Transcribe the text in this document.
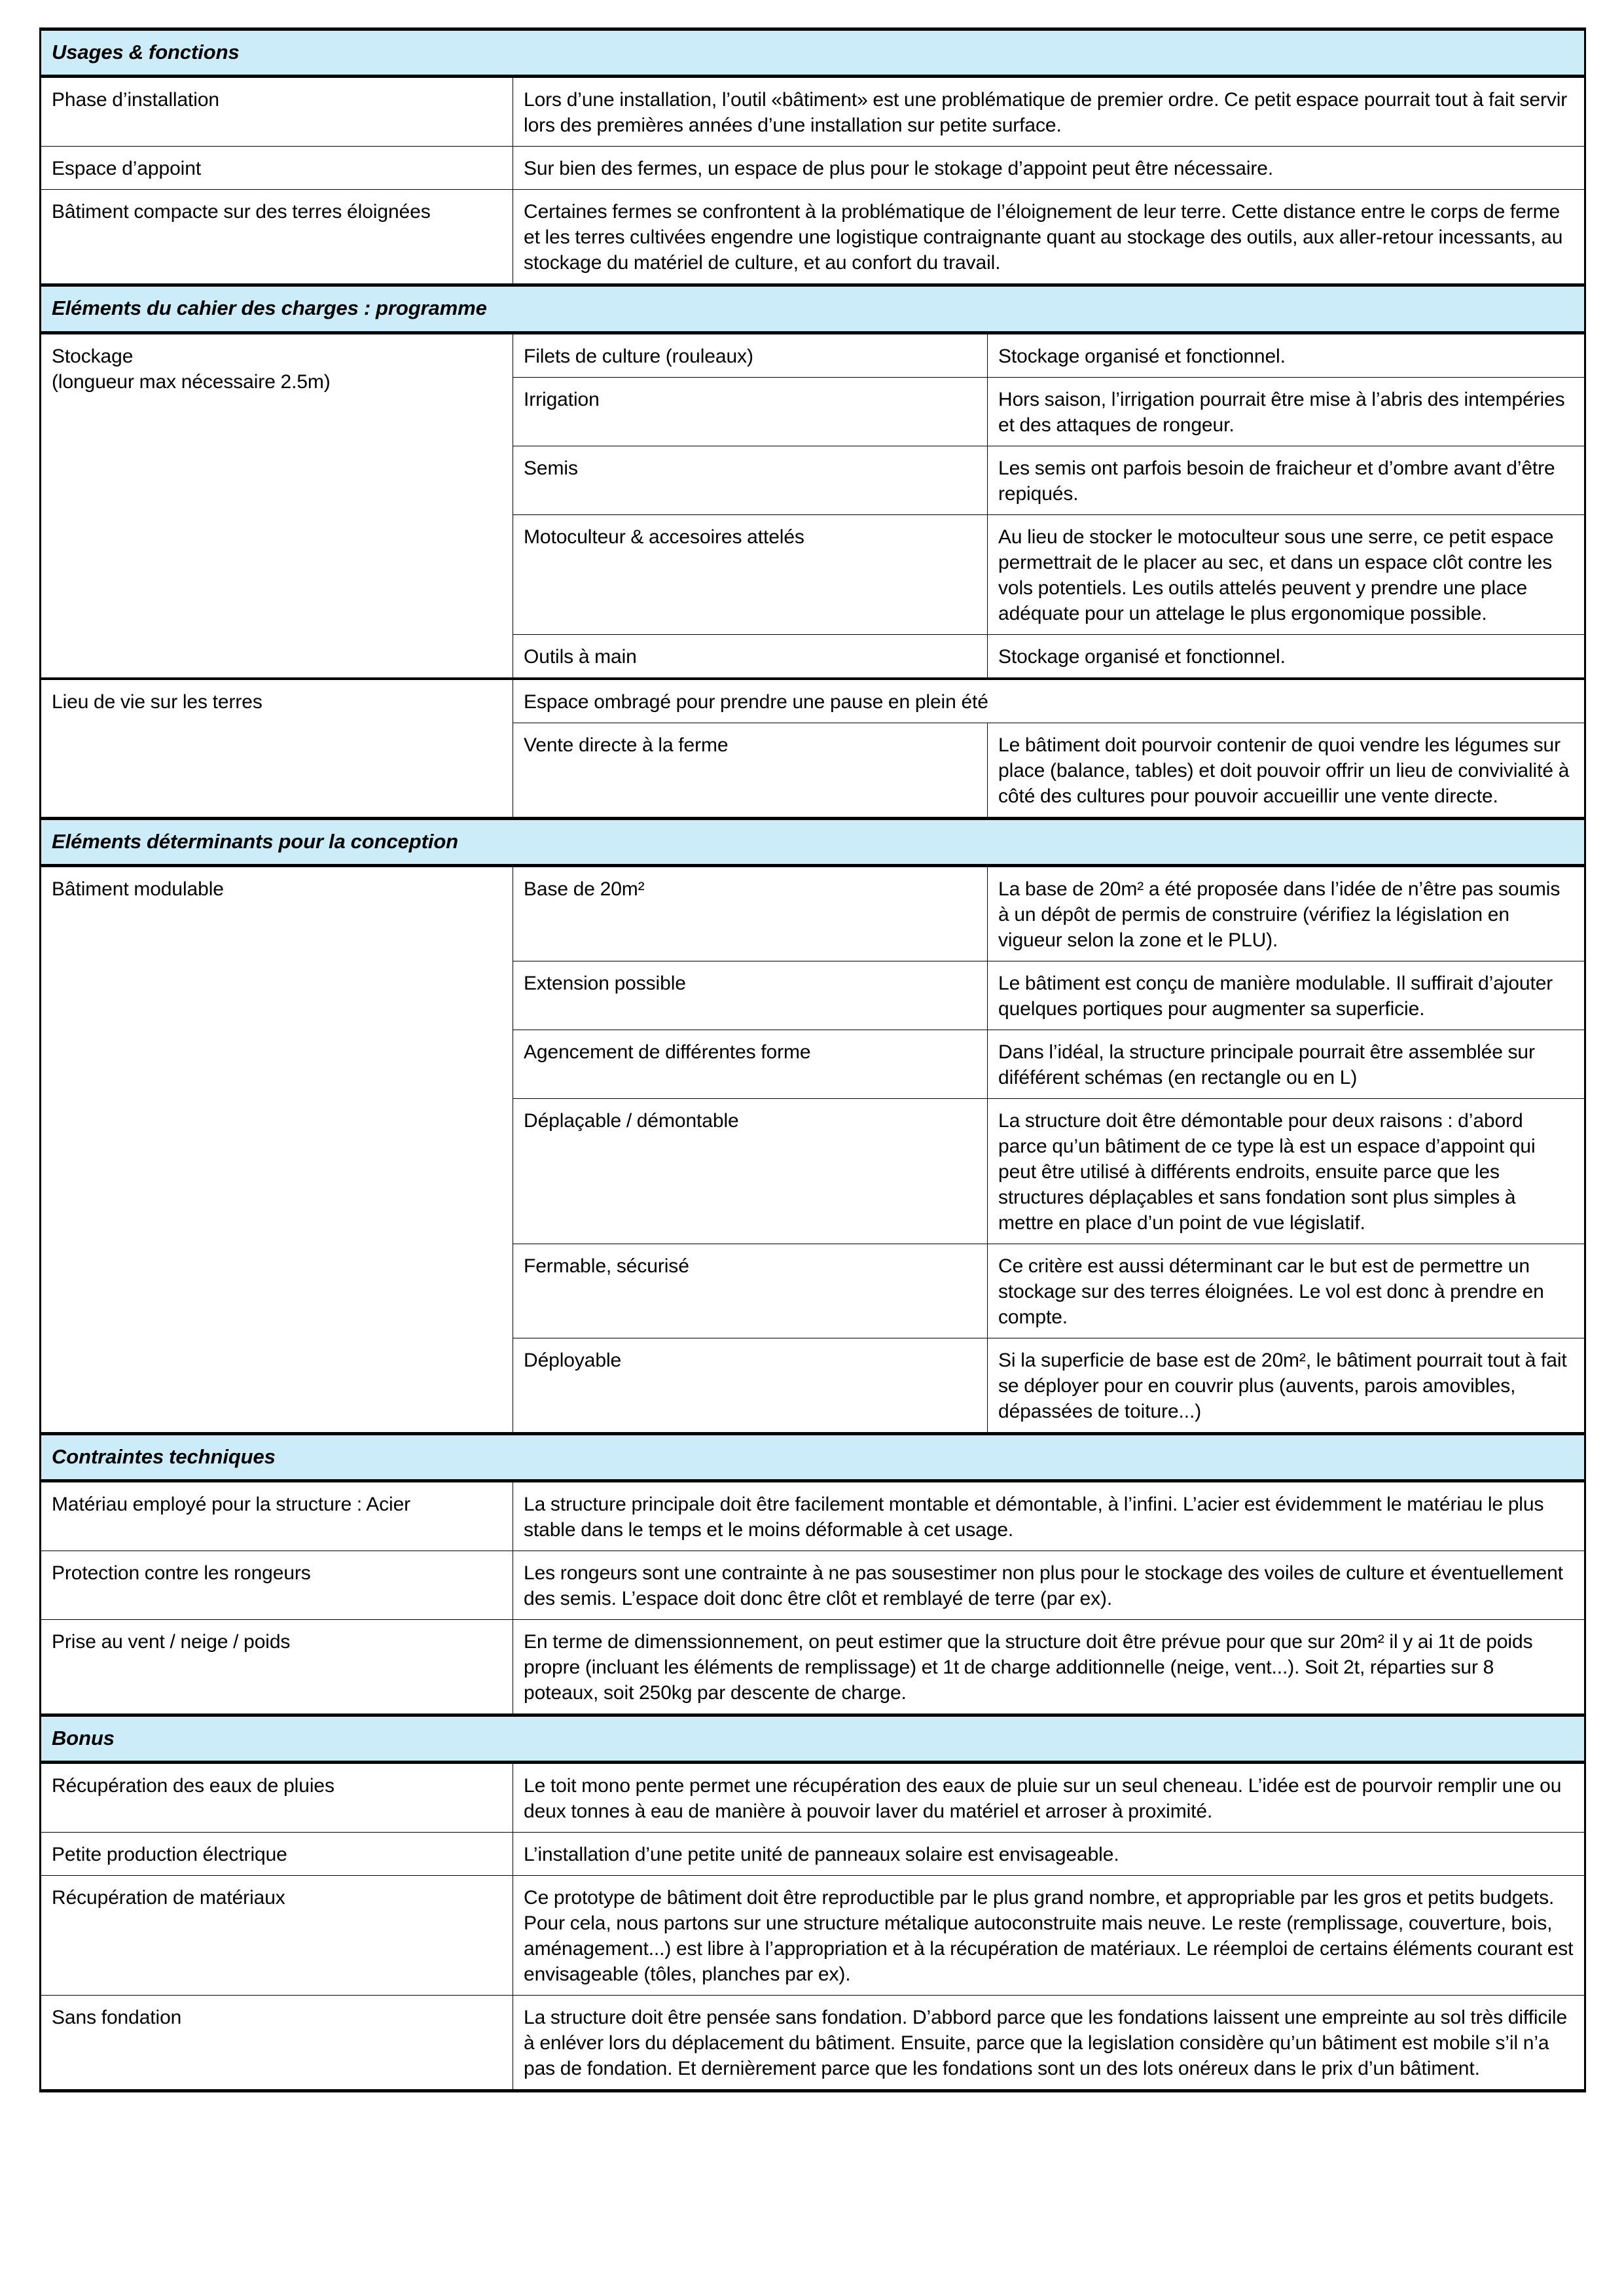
Usages & fonctions		
Phase d’installation	Lors d’une installation, l’outil «bâtiment» est une problématique de premier ordre. Ce petit espace pourrait tout à fait servir lors des premières années d’une installation sur petite surface.	
Espace d’appoint	Sur bien des fermes, un espace de plus pour le stokage d’appoint peut être nécessaire.	
Bâtiment compacte sur des terres éloignées	Certaines fermes se confrontent à la problématique de l’éloignement de leur terre. Cette distance entre le corps de ferme et les terres cultivées engendre une logistique contraignante quant au stockage des outils, aux aller-retour incessants, au stockage du matériel de culture, et au confort du travail.	
Eléments du cahier des charges : programme		

Stockage
(longueur max nécessaire 2.5m)	Filets de culture (rouleaux)	Stockage organisé et fonctionnel.
	Irrigation	Hors saison, l’irrigation pourrait être mise à l’abris des intempéries et des attaques de rongeur.
	Semis	Les semis ont parfois besoin de fraicheur et d’ombre avant d’être repiqués.
	Motoculteur & accesoires attelés	Au lieu de stocker le motoculteur sous une serre, ce petit espace permettrait de le placer au sec, et dans un espace clôt contre les vols potentiels. Les outils attelés peuvent y prendre une place adéquate pour un attelage le plus ergonomique possible.
	Outils à main	Stockage organisé et fonctionnel.
Lieu de vie sur les terres	Espace ombragé pour prendre une pause en plein été	
	Vente directe à la ferme	Le bâtiment doit pourvoir contenir de quoi vendre les légumes sur place (balance, tables) et doit pouvoir offrir un lieu de convivialité à côté des cultures pour pouvoir accueillir une vente directe.
Eléments déterminants pour la conception		
Bâtiment modulable	Base de 20m²	La base de 20m² a été proposée dans l’idée de n’être pas soumis à un dépôt de permis de construire (vérifiez la législation en vigueur selon la zone et le PLU).
	Extension possible	Le bâtiment est conçu de manière modulable. Il suffirait d’ajouter quelques portiques pour augmenter sa superficie.
	Agencement de différentes forme	Dans l’idéal, la structure principale pourrait être assemblée sur diféférent schémas (en rectangle ou en L)
	Déplaçable / démontable	La structure doit être démontable pour deux raisons : d’abord parce qu’un bâtiment de ce type là est un espace d’appoint qui peut être utilisé à différents endroits, ensuite parce que les structures déplaçables et sans fondation sont plus simples à mettre en place d’un point de vue législatif.
	Fermable, sécurisé	Ce critère est aussi déterminant car le but est de permettre un stockage sur des terres éloignées. Le vol est donc à prendre en compte.
	Déployable	Si la superficie de base est de 20m², le bâtiment pourrait tout à fait se déployer pour en couvrir plus (auvents, parois amovibles, dépassées de toiture...)
Contraintes techniques		
Matériau employé pour la structure : Acier	La structure principale doit être facilement montable et démontable, à l’infini. L’acier est évidemment le matériau le plus stable dans le temps et le moins déformable à cet usage.	
Protection contre les rongeurs	Les rongeurs sont une contrainte à ne pas sousestimer non plus pour le stockage des voiles de culture et éventuellement des semis. L’espace doit donc être clôt et remblayé de terre (par ex).	
Prise au vent / neige / poids	En terme de dimenssionnement, on peut estimer que la structure doit être prévue pour que sur 20m² il y ai 1t de poids propre (incluant les éléments de remplissage) et 1t de charge additionnelle (neige, vent...). Soit 2t, réparties sur 8 poteaux, soit 250kg par descente de charge.	
Bonus		
Récupération des eaux de pluies	Le toit mono pente permet une récupération des eaux de pluie sur un seul cheneau. L’idée est de pourvoir remplir une ou deux tonnes à eau de manière à pouvoir laver du matériel et arroser à proximité.	
Petite production électrique	L’installation d’une petite unité de panneaux solaire est envisageable.	
Récupération de matériaux	Ce prototype de bâtiment doit être reproductible par le plus grand nombre, et appropriable par les gros et petits budgets. Pour cela, nous partons sur une structure métalique autoconstruite mais neuve. Le reste (remplissage, couverture, bois, aménagement...) est libre à l’appropriation et à la récupération de matériaux. Le réemploi de certains éléments courant est envisageable (tôles, planches par ex).	
Sans fondation	La structure doit être pensée sans fondation. D’abbord parce que les fondations laissent une empreinte au sol très difficile à enléver lors du déplacement du bâtiment. Ensuite, parce que la legislation considère qu’un bâtiment est mobile s’il n’a pas de fondation. Et dernièrement parce que les fondations sont un des lots onéreux dans le prix d’un bâtiment.	
